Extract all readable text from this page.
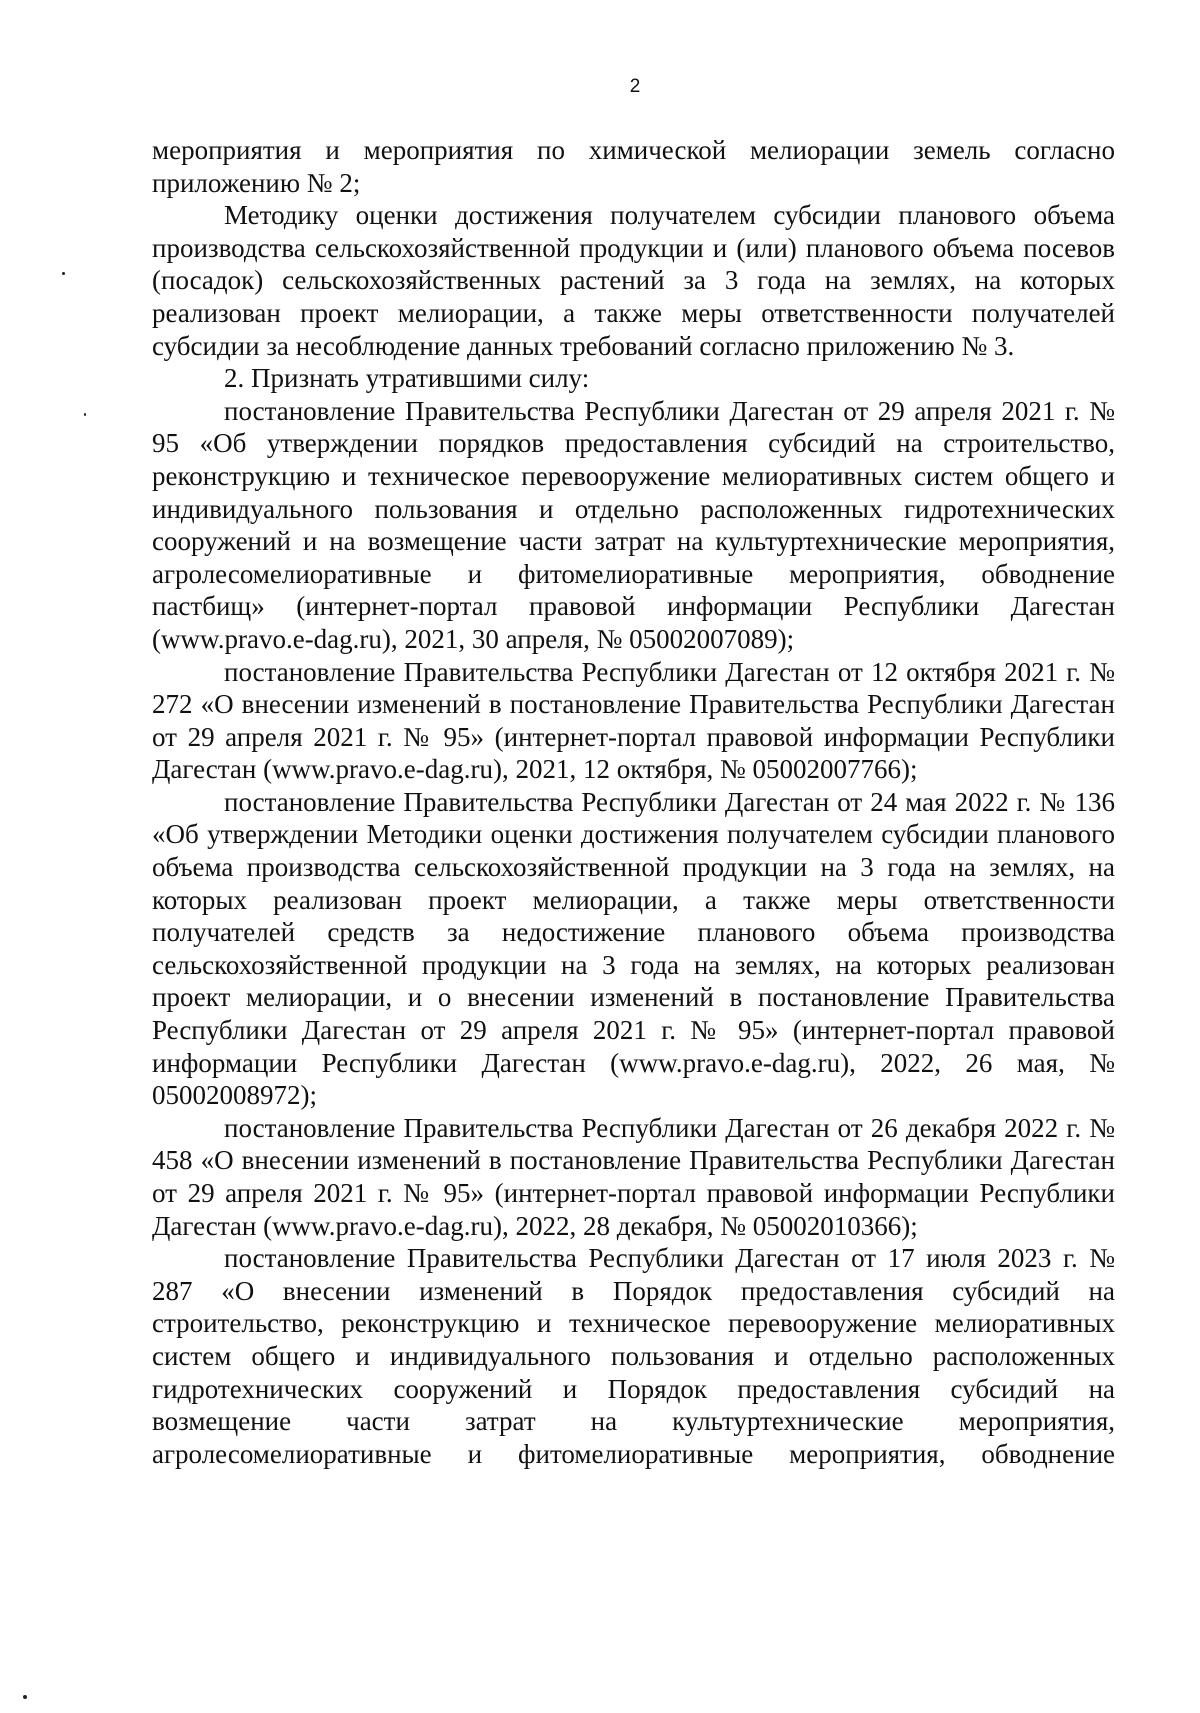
2

мероприятия и мероприятия по химической мелиорации земель согласно приложению № 2;

Методику оценки достижения получателем субсидии планового объема производства сельскохозяйственной продукции и (или) планового объема посевов (посадок) сельскохозяйственных растений за 3 года на землях, на которых реализован проект мелиорации, а также меры ответственности получателей субсидии за несоблюдение данных требований согласно приложению № 3.

2. Признать утратившими силу:

постановление Правительства Республики Дагестан от 29 апреля 2021 г. № 95 «Об утверждении порядков предоставления субсидий на строительство, реконструкцию и техническое перевооружение мелиоративных систем общего и индивидуального пользования и отдельно расположенных гидротехнических сооружений и на возмещение части затрат на культуртехнические мероприятия, агролесомелиоративные и фитомелиоративные мероприятия, обводнение пастбищ» (интернет-портал правовой информации Республики Дагестан (www.pravo.e-dag.ru), 2021, 30 апреля, № 05002007089);

постановление Правительства Республики Дагестан от 12 октября 2021 г. № 272 «О внесении изменений в постановление Правительства Республики Дагестан от 29 апреля 2021 г. № 95» (интернет-портал правовой информации Республики Дагестан (www.pravo.e-dag.ru), 2021, 12 октября, № 05002007766);

постановление Правительства Республики Дагестан от 24 мая 2022 г. № 136 «Об утверждении Методики оценки достижения получателем субсидии планового объема производства сельскохозяйственной продукции на 3 года на землях, на которых реализован проект мелиорации, а также меры ответственности получателей средств за недостижение планового объема производства сельскохозяйственной продукции на 3 года на землях, на которых реализован проект мелиорации, и о внесении изменений в постановление Правительства Республики Дагестан от 29 апреля 2021 г. № 95» (интернет-портал правовой информации Республики Дагестан (www.pravo.e-dag.ru), 2022, 26 мая, № 05002008972);

постановление Правительства Республики Дагестан от 26 декабря 2022 г. № 458 «О внесении изменений в постановление Правительства Республики Дагестан от 29 апреля 2021 г. № 95» (интернет-портал правовой информации Республики Дагестан (www.pravo.e-dag.ru), 2022, 28 декабря, № 05002010366);

постановление Правительства Республики Дагестан от 17 июля 2023 г. № 287 «О внесении изменений в Порядок предоставления субсидий на строительство, реконструкцию и техническое перевооружение мелиоративных систем общего и индивидуального пользования и отдельно расположенных гидротехнических сооружений и Порядок предоставления субсидий на возмещение части затрат на культуртехнические мероприятия, агролесомелиоративные и фитомелиоративные мероприятия, обводнение
